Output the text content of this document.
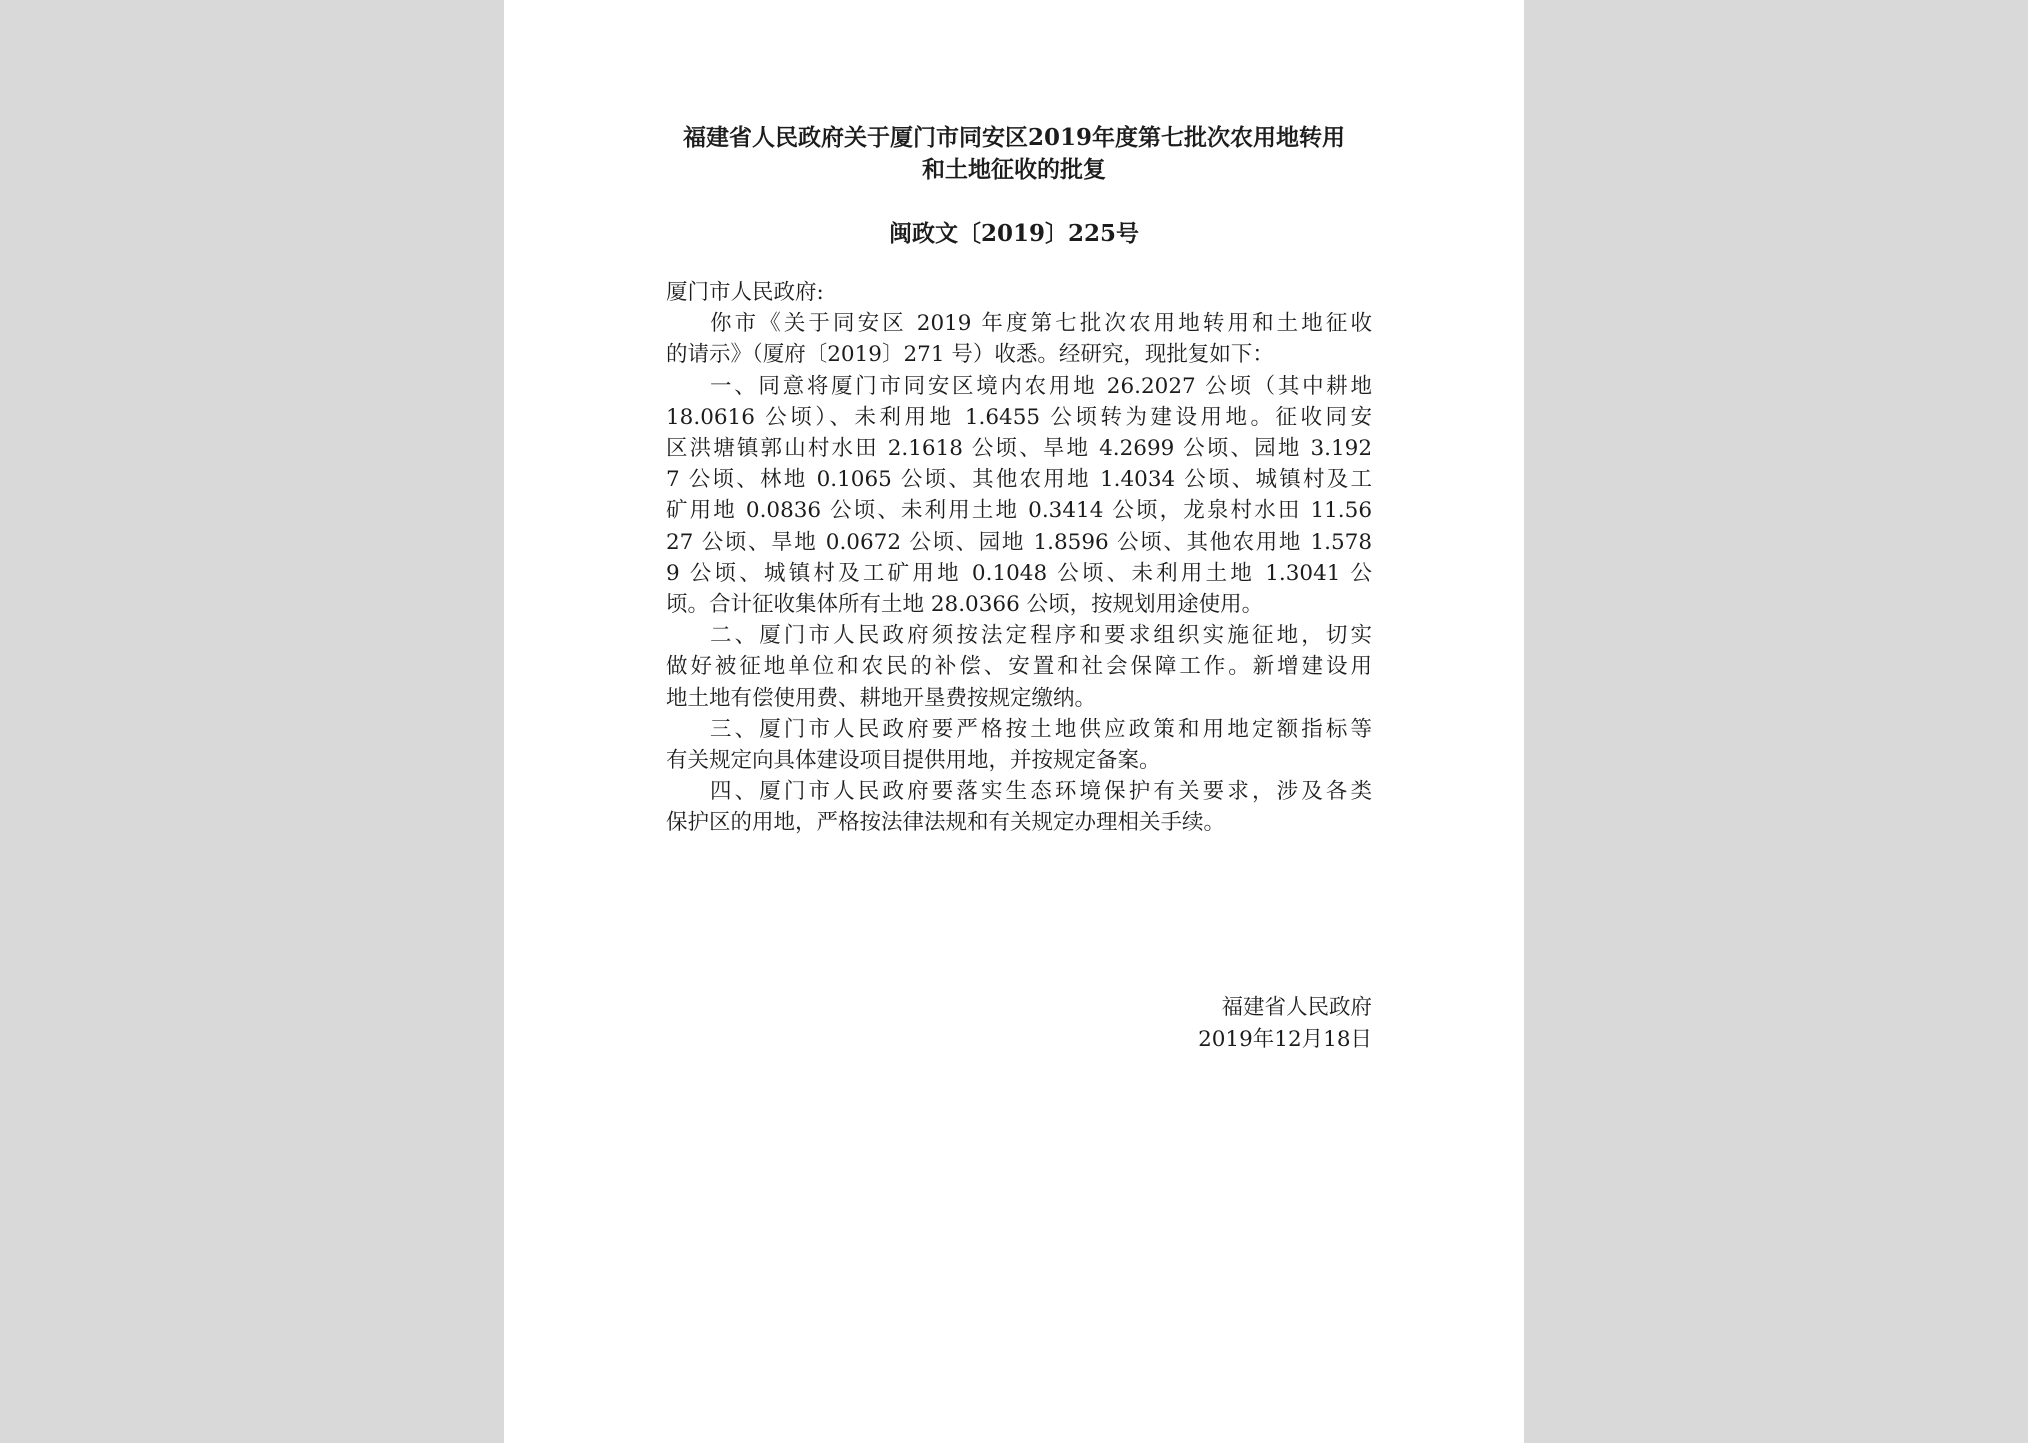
福建省人民政府关于厦门市同安区2019年度第七批次农用地转用
和土地征收的批复
闽政文〔2019〕225号
厦门市人民政府:
你市《关于同安区 2019 年度第七批次农用地转用和土地征收
的请示》（厦府〔2019〕271 号）收悉。经研究，现批复如下：
一、同意将厦门市同安区境内农用地 26.2027 公顷（其中耕地
18.0616 公顷）、未利用地 1.6455 公顷转为建设用地。征收同安
区洪塘镇郭山村水田 2.1618 公顷、旱地 4.2699 公顷、园地 3.192
7 公顷、林地 0.1065 公顷、其他农用地 1.4034 公顷、城镇村及工
矿用地 0.0836 公顷、未利用土地 0.3414 公顷，龙泉村水田 11.56
27 公顷、旱地 0.0672 公顷、园地 1.8596 公顷、其他农用地 1.578
9 公顷、城镇村及工矿用地 0.1048 公顷、未利用土地 1.3041 公
顷。合计征收集体所有土地 28.0366 公顷，按规划用途使用。
二、厦门市人民政府须按法定程序和要求组织实施征地，切实
做好被征地单位和农民的补偿、安置和社会保障工作。新增建设用
地土地有偿使用费、耕地开垦费按规定缴纳。
三、厦门市人民政府要严格按土地供应政策和用地定额指标等
有关规定向具体建设项目提供用地，并按规定备案。
四、厦门市人民政府要落实生态环境保护有关要求，涉及各类
保护区的用地，严格按法律法规和有关规定办理相关手续。
福建省人民政府
2019年12月18日
